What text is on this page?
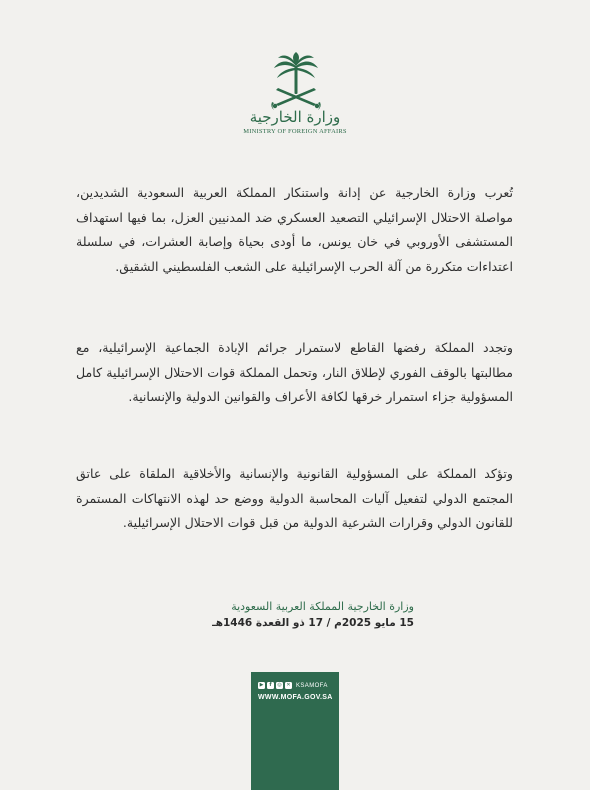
وزارة الخارجية
MINISTRY OF FOREIGN AFFAIRS
تُعرب وزارة الخارجية عن إدانة واستنكار المملكة العربية السعودية الشديدين، مواصلة الاحتلال الإسرائيلي التصعيد العسكري ضد المدنيين العزل، بما فيها استهداف المستشفى الأوروبي في خان يونس، ما أودى بحياة وإصابة العشرات، في سلسلة اعتداءات متكررة من آلة الحرب الإسرائيلية على الشعب الفلسطيني الشقيق.
وتجدد المملكة رفضها القاطع لاستمرار جرائم الإبادة الجماعية الإسرائيلية، مع مطالبتها بالوقف الفوري لإطلاق النار، وتحمل المملكة قوات الاحتلال الإسرائيلية كامل المسؤولية جزاء استمرار خرقها لكافة الأعراف والقوانين الدولية والإنسانية.
وتؤكد المملكة على المسؤولية القانونية والإنسانية والأخلاقية الملقاة على عاتق المجتمع الدولي لتفعيل آليات المحاسبة الدولية ووضع حد لهذه الانتهاكات المستمرة للقانون الدولي وقرارات الشرعية الدولية من قبل قوات الاحتلال الإسرائيلية.
وزارة الخارجية المملكة العربية السعودية
15 مايو 2025م / 17 ذو القعدة 1446هـ
▶	f	◎ ✕ KSAMOFA
WWW.MOFA.GOV.SA
